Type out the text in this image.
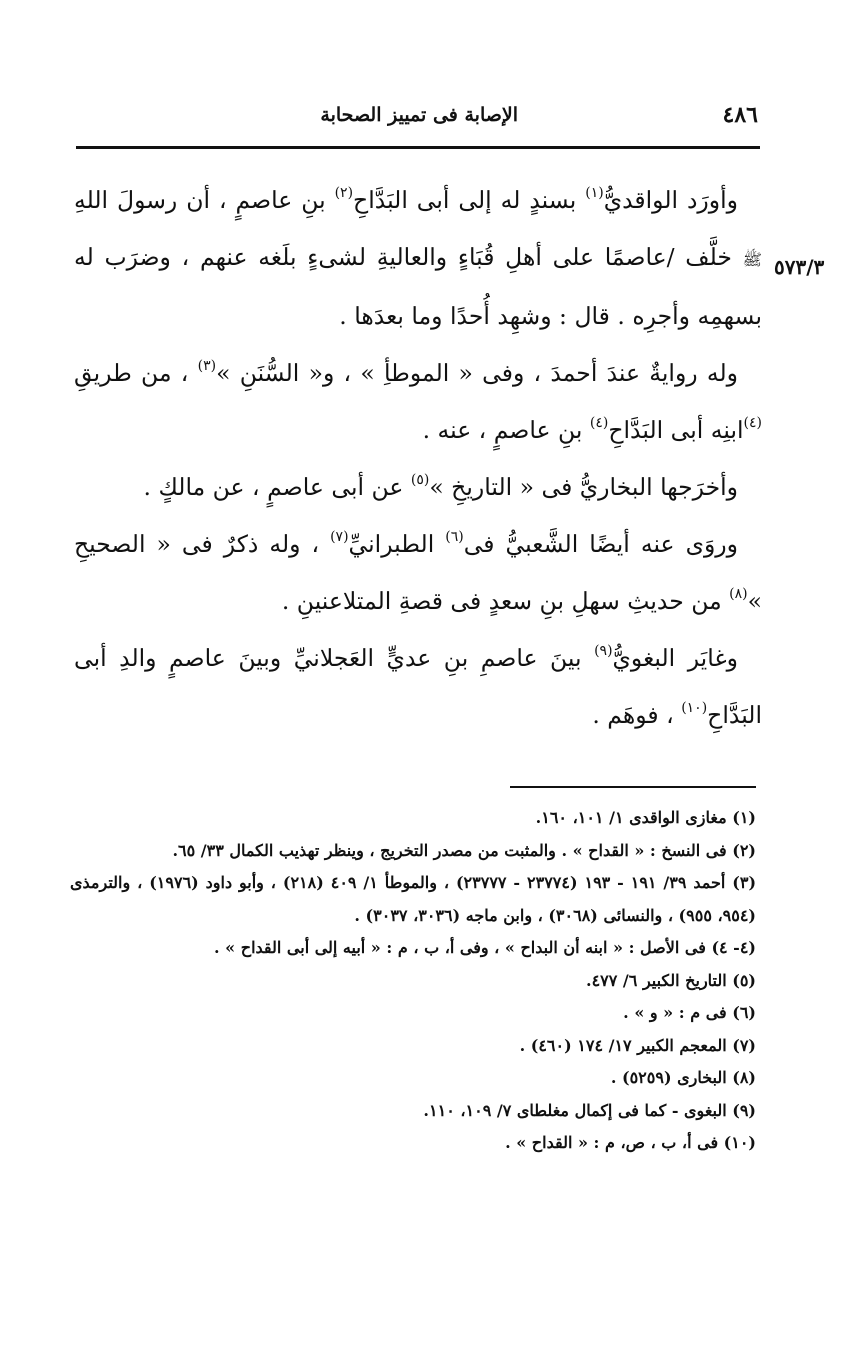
٤٨٦
الإصابة فى تمييز الصحابة
٥٧٣/٣

وأورَد الواقديُّ$^{(١)}$ بسندٍ له إلى أبى البَدَّاحِ$^{(٢)}$ بنِ عاصمٍ ، أن رسولَ اللهِ ﷺ خلَّف /عاصمًا على أهلِ قُبَاءٍ والعاليةِ لشىءٍ بلَغه عنهم ، وضرَب له بسهمِه وأجرِه . قال : وشهِد أُحدًا وما بعدَها .

وله روايةٌ عندَ أحمدَ ، وفى « الموطأِ » ، و« السُّنَنِ »$^{(٣)}$ ، من طريقِ $^{(٤)}$ابنِه أبى البَدَّاحِ$^{(٤)}$ بنِ عاصمٍ ، عنه .

وأخرَجها البخاريُّ فى « التاريخِ »$^{(٥)}$ عن أبى عاصمٍ ، عن مالكٍ .

وروَى عنه أيضًا الشَّعبيُّ فى$^{(٦)}$ الطبرانيِّ$^{(٧)}$ ، وله ذكرٌ فى « الصحيحِ »$^{(٨)}$ من حديثِ سهلِ بنِ سعدٍ فى قصةِ المتلاعنينِ .

وغايَر البغويُّ$^{(٩)}$ بينَ عاصمِ بنِ عديٍّ العَجلانيِّ وبينَ عاصمٍ والدِ أبى البَدَّاحِ$^{(١٠)}$ ، فوهَم .

(١) مغازى الواقدى ١/ ١٠١، ١٦٠.

(٢) فى النسخ : « القداح » . والمثبت من مصدر التخريج ، وينظر تهذيب الكمال ٣٣/ ٦٥.

(٣) أحمد ٣٩/ ١٩١ - ١٩٣ (٢٣٧٧٤ - ٢٣٧٧٧) ، والموطأ ١/ ٤٠٩ (٢١٨) ، وأبو داود (١٩٧٦) ، والترمذى (٩٥٤، ٩٥٥) ، والنسائى (٣٠٦٨) ، وابن ماجه (٣٠٣٦، ٣٠٣٧) .

(٤- ٤) فى الأصل : « ابنه أن البداح » ، وفى أ، ب ، م : « أبيه إلى أبى القداح » .

(٥) التاريخ الكبير ٦/ ٤٧٧.

(٦) فى م : « و » .

(٧) المعجم الكبير ١٧/ ١٧٤ (٤٦٠) .

(٨) البخارى (٥٢٥٩) .

(٩) البغوى - كما فى إكمال مغلطاى ٧/ ١٠٩، ١١٠.

(١٠) فى أ، ب ، ص، م : « القداح » .
